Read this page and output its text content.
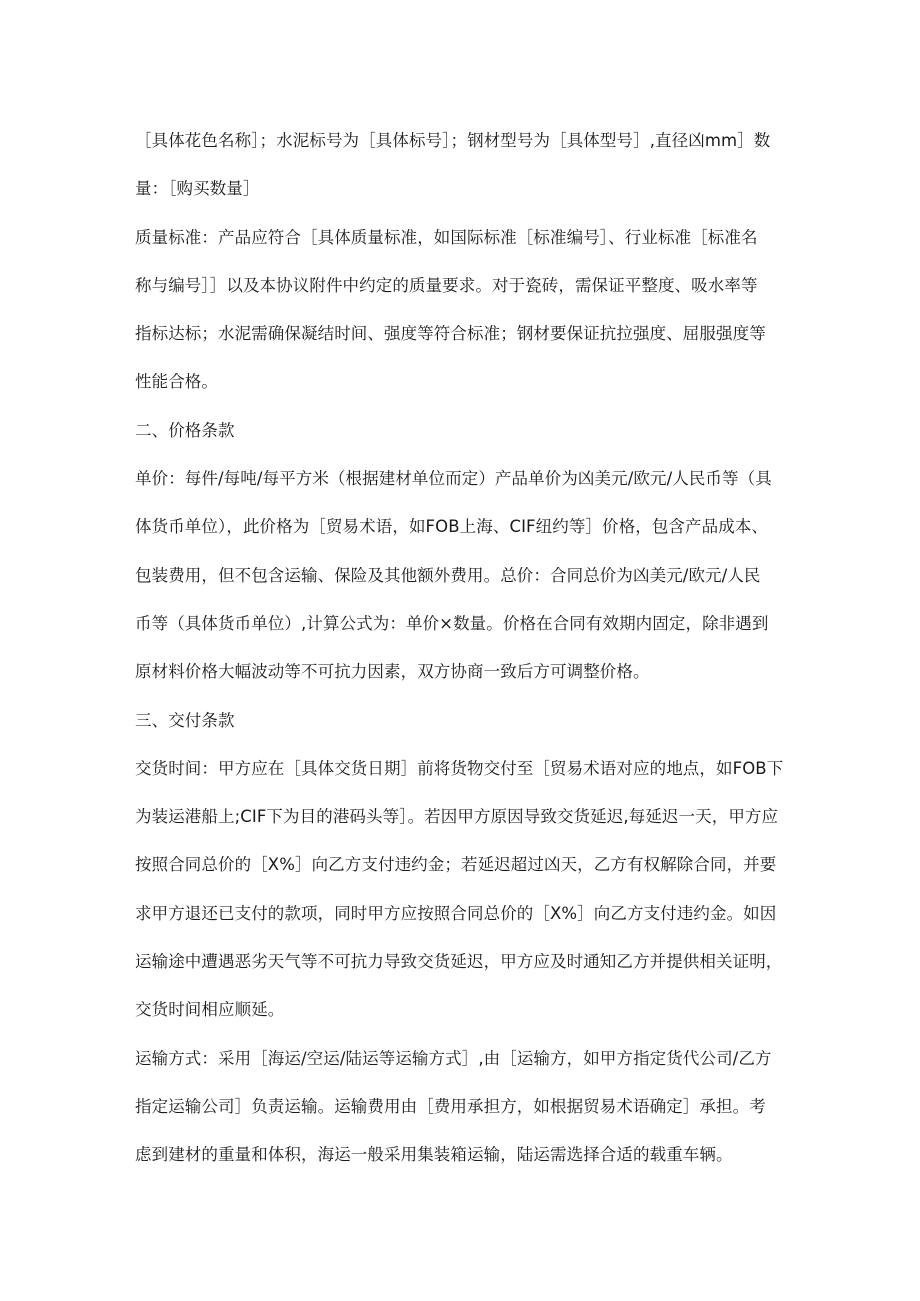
［具体花色名称］；水泥标号为［具体标号］；钢材型号为［具体型号］,直径凶mm］数
量：［购买数量］
质量标准：产品应符合［具体质量标准，如国际标准［标准编号］、行业标准［标准名
称与编号］］以及本协议附件中约定的质量要求。对于瓷砖，需保证平整度、吸水率等
指标达标；水泥需确保凝结时间、强度等符合标准；钢材要保证抗拉强度、屈服强度等
性能合格。
二、价格条款
单价：每件/每吨/每平方米（根据建材单位而定）产品单价为凶美元/欧元/人民币等（具
体货币单位），此价格为［贸易术语，如FOB上海、CIF纽约等］价格，包含产品成本、
包装费用，但不包含运输、保险及其他额外费用。总价：合同总价为凶美元/欧元/人民
币等（具体货币单位）,计算公式为：单价×数量。价格在合同有效期内固定，除非遇到
原材料价格大幅波动等不可抗力因素，双方协商一致后方可调整价格。
三、交付条款
交货时间：甲方应在［具体交货日期］前将货物交付至［贸易术语对应的地点，如FOB下
为装运港船上;CIF下为目的港码头等］。若因甲方原因导致交货延迟,每延迟一天，甲方应
按照合同总价的［X%］向乙方支付违约金；若延迟超过凶天，乙方有权解除合同，并要
求甲方退还已支付的款项，同时甲方应按照合同总价的［X%］向乙方支付违约金。如因
运输途中遭遇恶劣天气等不可抗力导致交货延迟，甲方应及时通知乙方并提供相关证明，
交货时间相应顺延。
运输方式：采用［海运/空运/陆运等运输方式］,由［运输方，如甲方指定货代公司/乙方
指定运输公司］负责运输。运输费用由［费用承担方，如根据贸易术语确定］承担。考
虑到建材的重量和体积，海运一般采用集装箱运输，陆运需选择合适的载重车辆。
